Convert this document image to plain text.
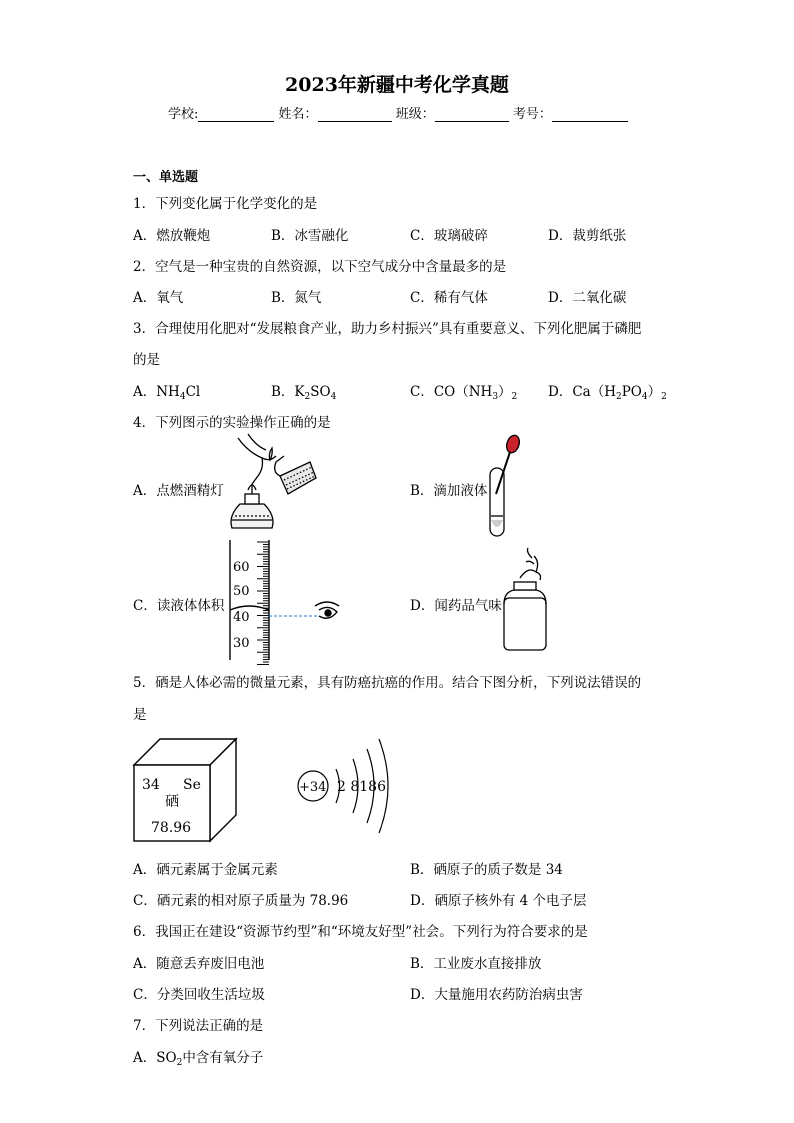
2023年新疆中考化学真题
学校:	姓名：	班级：	考号：
一、单选题
1．下列变化属于化学变化的是
A．燃放鞭炮	B．冰雪融化	C．玻璃破碎	D．裁剪纸张
2．空气是一种宝贵的自然资源，以下空气成分中含量最多的是
A．氧气	B．氮气	C．稀有气体	D．二氧化碳
3．合理使用化肥对“发展粮食产业，助力乡村振兴”具有重要意义、下列化肥属于磷肥
的是
A．$NH_4Cl$	B．$K_2SO_4$	C．$CO(NH_3)_2$ D．$Ca(H_2PO_4)_2$
4．下列图示的实验操作正确的是
A．点燃酒精灯	B．滴加液体
C．读液体体积
60
50
40
30
D．闻药品气味
5．硒是人体必需的微量元素，具有防癌抗癌的作用。结合下图分析，下列说法错误的
是
34 Se
硒
78.96
+34 2 8186
A．硒元素属于金属元素	B．硒原子的质子数是 34
C．硒元素的相对原子质量为 78.96	D．硒原子核外有 4 个电子层
6．我国正在建设“资源节约型”和“环境友好型”社会。下列行为符合要求的是
A．随意丢弃废旧电池	B．工业废水直接排放
C．分类回收生活垃圾	D．大量施用农药防治病虫害
7．下列说法正确的是
A．$SO_2$中含有氧分子
